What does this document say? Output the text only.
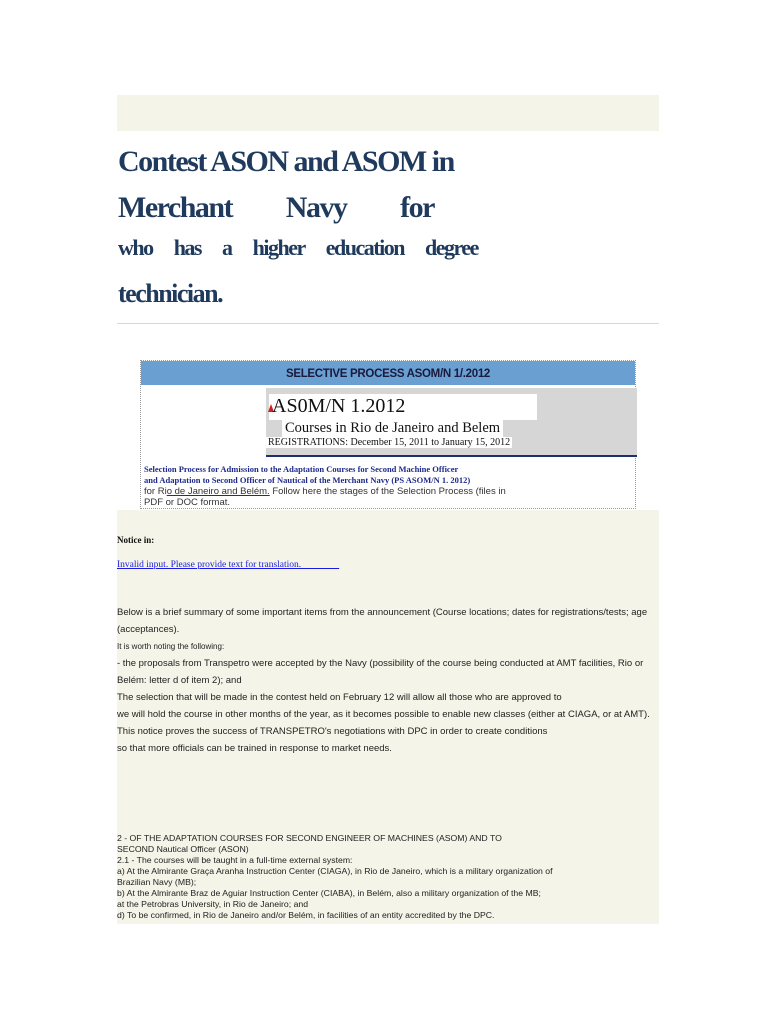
Contest ASON and ASOM in
Merchant Navy for
who has a higher education degree
technician.
SELECTIVE PROCESS ASOM/N 1/.2012
AS0M/N 1.2012
Courses in Rio de Janeiro and Belem
REGISTRATIONS: December 15, 2011 to January 15, 2012
Selection Process for Admission to the Adaptation Courses for Second Machine Officer
and Adaptation to Second Officer of Nautical of the Merchant Navy (PS ASOM/N 1. 2012)
for Rio de Janeiro and Belém. Follow here the stages of the Selection Process (files in
PDF or DOC format.
Notice in:
Invalid input. Please provide text for translation.
Below is a brief summary of some important items from the announcement (Course locations; dates for registrations/tests; age
(acceptances).
It is worth noting the following:
- the proposals from Transpetro were accepted by the Navy (possibility of the course being conducted at AMT facilities, Rio or Belém: letter d of item 2); and
The selection that will be made in the contest held on February 12 will allow all those who are approved to
we will hold the course in other months of the year, as it becomes possible to enable new classes (either at CIAGA, or at AMT).
This notice proves the success of TRANSPETRO's negotiations with DPC in order to create conditions
so that more officials can be trained in response to market needs.
2 - OF THE ADAPTATION COURSES FOR SECOND ENGINEER OF MACHINES (ASOM) AND TO
SECOND Nautical Officer (ASON)
2.1 - The courses will be taught in a full-time external system:
a) At the Almirante Graça Aranha Instruction Center (CIAGA), in Rio de Janeiro, which is a military organization of
Brazilian Navy (MB);
b) At the Almirante Braz de Aguiar Instruction Center (CIABA), in Belém, also a military organization of the MB;
at the Petrobras University, in Rio de Janeiro; and
d) To be confirmed, in Rio de Janeiro and/or Belém, in facilities of an entity accredited by the DPC.
